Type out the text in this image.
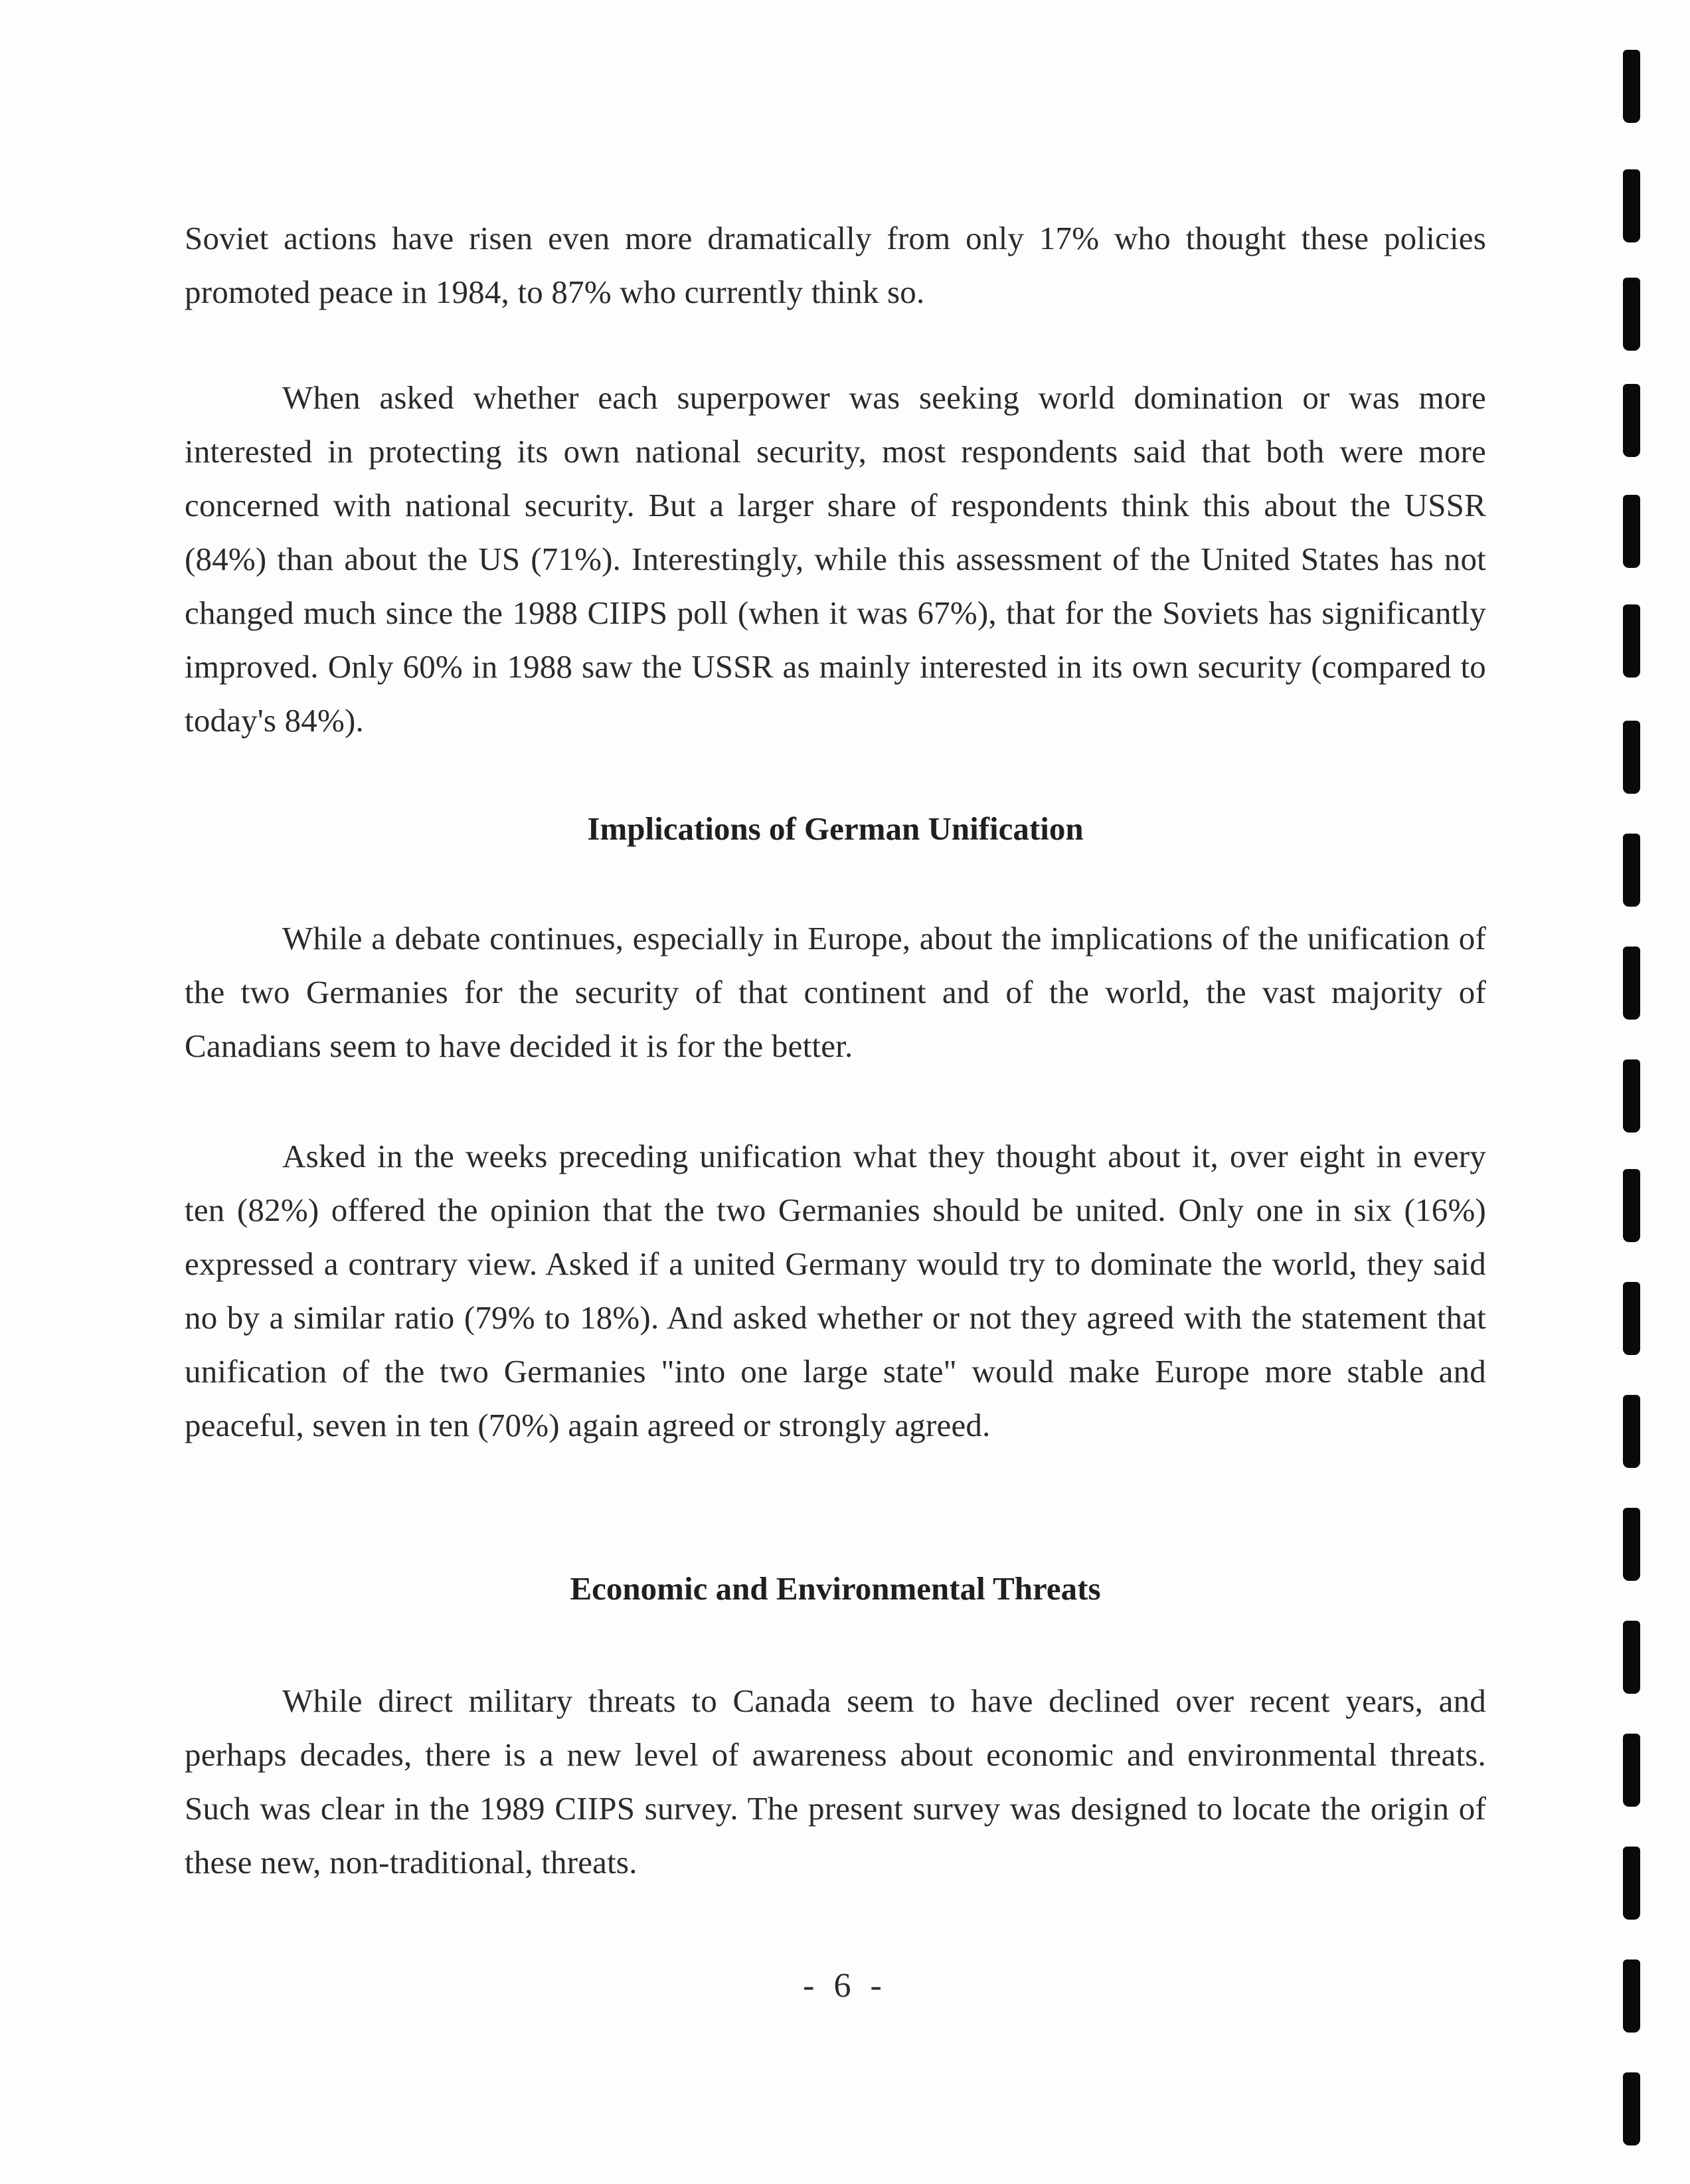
Soviet actions have risen even more dramatically from only 17% who thought these policies promoted peace in 1984, to 87% who currently think so.

When asked whether each superpower was seeking world domination or was more interested in protecting its own national security, most respondents said that both were more concerned with national security. But a larger share of respondents think this about the USSR (84%) than about the US (71%). Interestingly, while this assessment of the United States has not changed much since the 1988 CIIPS poll (when it was 67%), that for the Soviets has significantly improved. Only 60% in 1988 saw the USSR as mainly interested in its own security (compared to today's 84%).

Implications of German Unification

While a debate continues, especially in Europe, about the implications of the unification of the two Germanies for the security of that continent and of the world, the vast majority of Canadians seem to have decided it is for the better.

Asked in the weeks preceding unification what they thought about it, over eight in every ten (82%) offered the opinion that the two Germanies should be united. Only one in six (16%) expressed a contrary view. Asked if a united Germany would try to dominate the world, they said no by a similar ratio (79% to 18%). And asked whether or not they agreed with the statement that unification of the two Germanies "into one large state" would make Europe more stable and peaceful, seven in ten (70%) again agreed or strongly agreed.

Economic and Environmental Threats

While direct military threats to Canada seem to have declined over recent years, and perhaps decades, there is a new level of awareness about economic and environmental threats. Such was clear in the 1989 CIIPS survey. The present survey was designed to locate the origin of these new, non-traditional, threats.

- 6 -
